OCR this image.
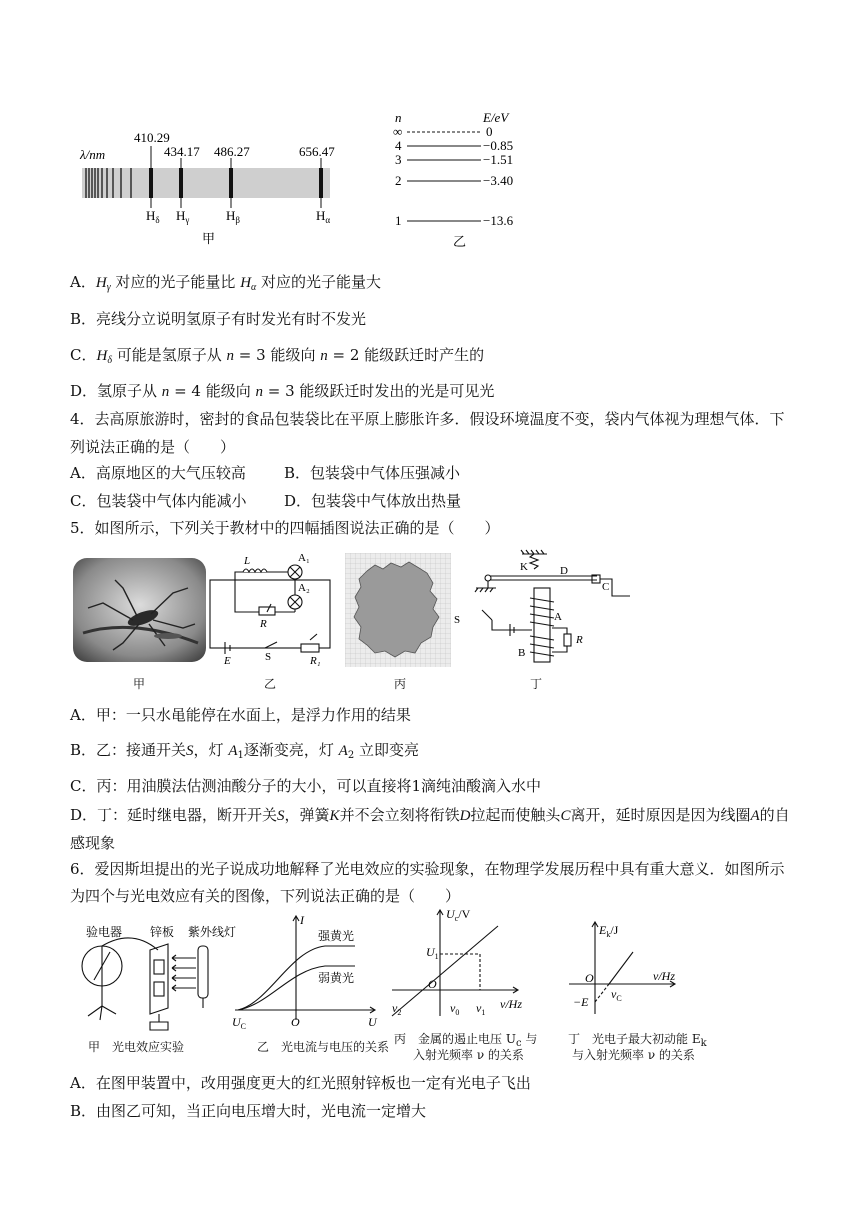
λ/nm
410.29
$H_\delta$
434.17
$H_\gamma$
486.27
$H_\beta$
656.47
$H_\alpha$
甲
n	E/eV
∞	0
4	−0.85
3	−1.51
2	−3.40
1	−13.6
乙
A．$H_\gamma$ 对应的光子能量比 $H_\alpha$ 对应的光子能量大
B．亮线分立说明氢原子有时发光有时不发光
C．$H_\delta$ 可能是氢原子从 n = 3 能级向 n = 2 能级跃迁时产生的
D．氢原子从 n = 4 能级向 n = 3 能级跃迁时发出的光是可见光
4．去高原旅游时，密封的食品包装袋比在平原上膨胀许多．假设环境温度不变，袋内气体视为理想气体．下
列说法正确的是（　　）
A．高原地区的大气压较高	B．包装袋中气体压强减小
C．包装袋中气体内能减小	D．包装袋中气体放出热量
5．如图所示，下列关于教材中的四幅插图说法正确的是（　　）
L	A₁
A₂
R
E	S	R₁
K	D
C
S	A
B
R
甲	乙	丙	丁
A．甲：一只水黾能停在水面上，是浮力作用的结果
B．乙：接通开关S，灯 $A_1$逐渐变亮，灯 $A_2$ 立即变亮
C．丙：用油膜法估测油酸分子的大小，可以直接将1滴纯油酸滴入水中
D．丁：延时继电器，断开开关S，弹簧K并不会立刻将衔铁D拉起而使触头C离开，延时原因是因为线圈A的自
感现象
6．爱因斯坦提出的光子说成功地解释了光电效应的实验现象，在物理学发展历程中具有重大意义．如图所示
为四个与光电效应有关的图像，下列说法正确的是（　　）
验电器 锌板 紫外线灯
甲　光电效应实验
I
强黄光
弱黄光
$U_C$	O	U
乙　光电流与电压的关系
$U_c/V$
$U_1$
O
$\nu_2$	$\nu_0$ $\nu_1$
ν/Hz
丙　金属的遏止电压 $U_c$ 与
入射光频率 ν 的关系
$E_k/J$
O
$\nu_C$
−E
ν/Hz
丁　光电子最大初动能 $E_k$
与入射光频率 ν 的关系
A．在图甲装置中，改用强度更大的红光照射锌板也一定有光电子飞出
B．由图乙可知，当正向电压增大时，光电流一定增大
